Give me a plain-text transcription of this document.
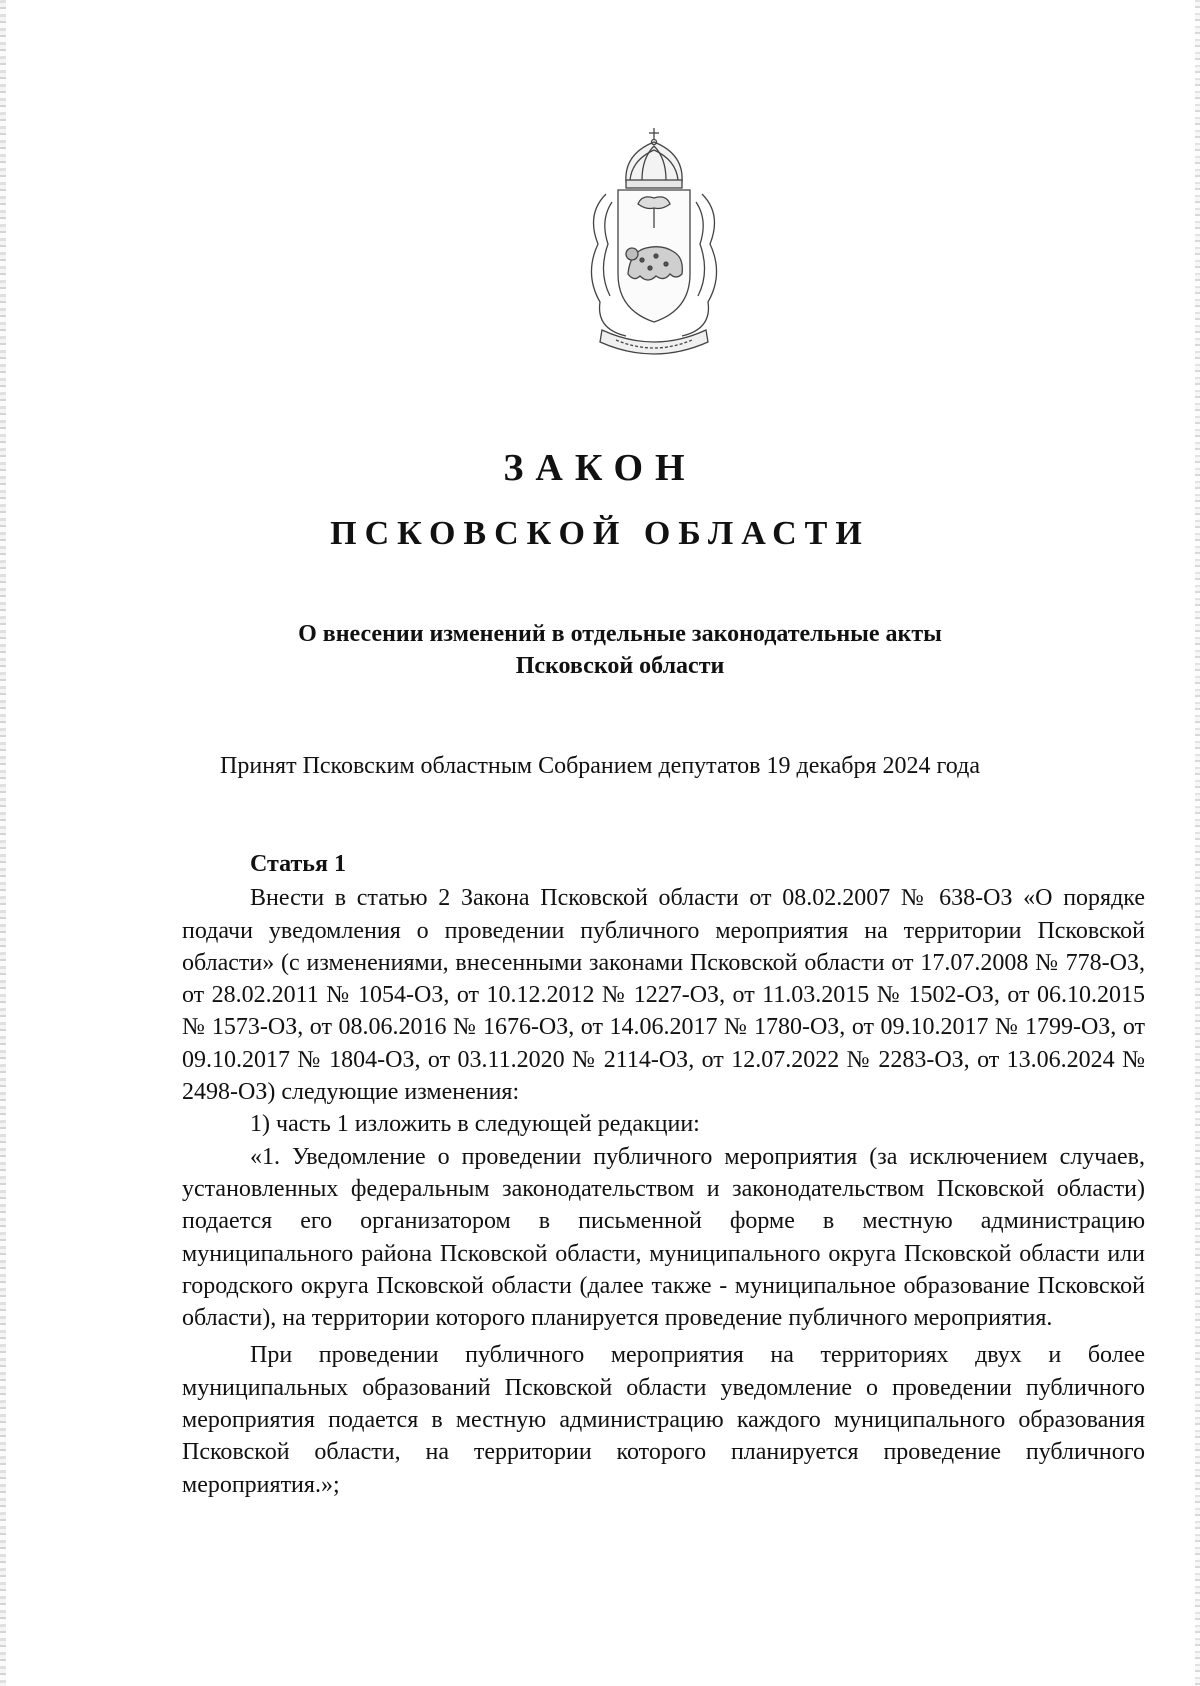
ЗАКОН
ПСКОВСКОЙ ОБЛАСТИ
О внесении изменений в отдельные законодательные акты
Псковской области
Принят Псковским областным Собранием депутатов 19 декабря 2024 года
Статья 1

Внести в статью 2 Закона Псковской области от 08.02.2007 № 638-ОЗ «О порядке подачи уведомления о проведении публичного мероприятия на территории Псковской области» (с изменениями, внесенными законами Псковской области от 17.07.2008 № 778-ОЗ, от 28.02.2011 № 1054-ОЗ, от 10.12.2012 № 1227-ОЗ, от 11.03.2015 № 1502-ОЗ, от 06.10.2015 № 1573-ОЗ, от 08.06.2016 № 1676-ОЗ, от 14.06.2017 № 1780-ОЗ, от 09.10.2017 № 1799-ОЗ, от 09.10.2017 № 1804-ОЗ, от 03.11.2020 № 2114-ОЗ, от 12.07.2022 № 2283-ОЗ, от 13.06.2024 № 2498-ОЗ) следующие изменения:

1) часть 1 изложить в следующей редакции:

«1. Уведомление о проведении публичного мероприятия (за исключением случаев, установленных федеральным законодательством и законодательством Псковской области) подается его организатором в письменной форме в местную администрацию муниципального района Псковской области, муниципального округа Псковской области или городского округа Псковской области (далее также - муниципальное образование Псковской области), на территории которого планируется проведение публичного мероприятия.

При проведении публичного мероприятия на территориях двух и более муниципальных образований Псковской области уведомление о проведении публичного мероприятия подается в местную администрацию каждого муниципального образования Псковской области, на территории которого планируется проведение публичного мероприятия.»;
